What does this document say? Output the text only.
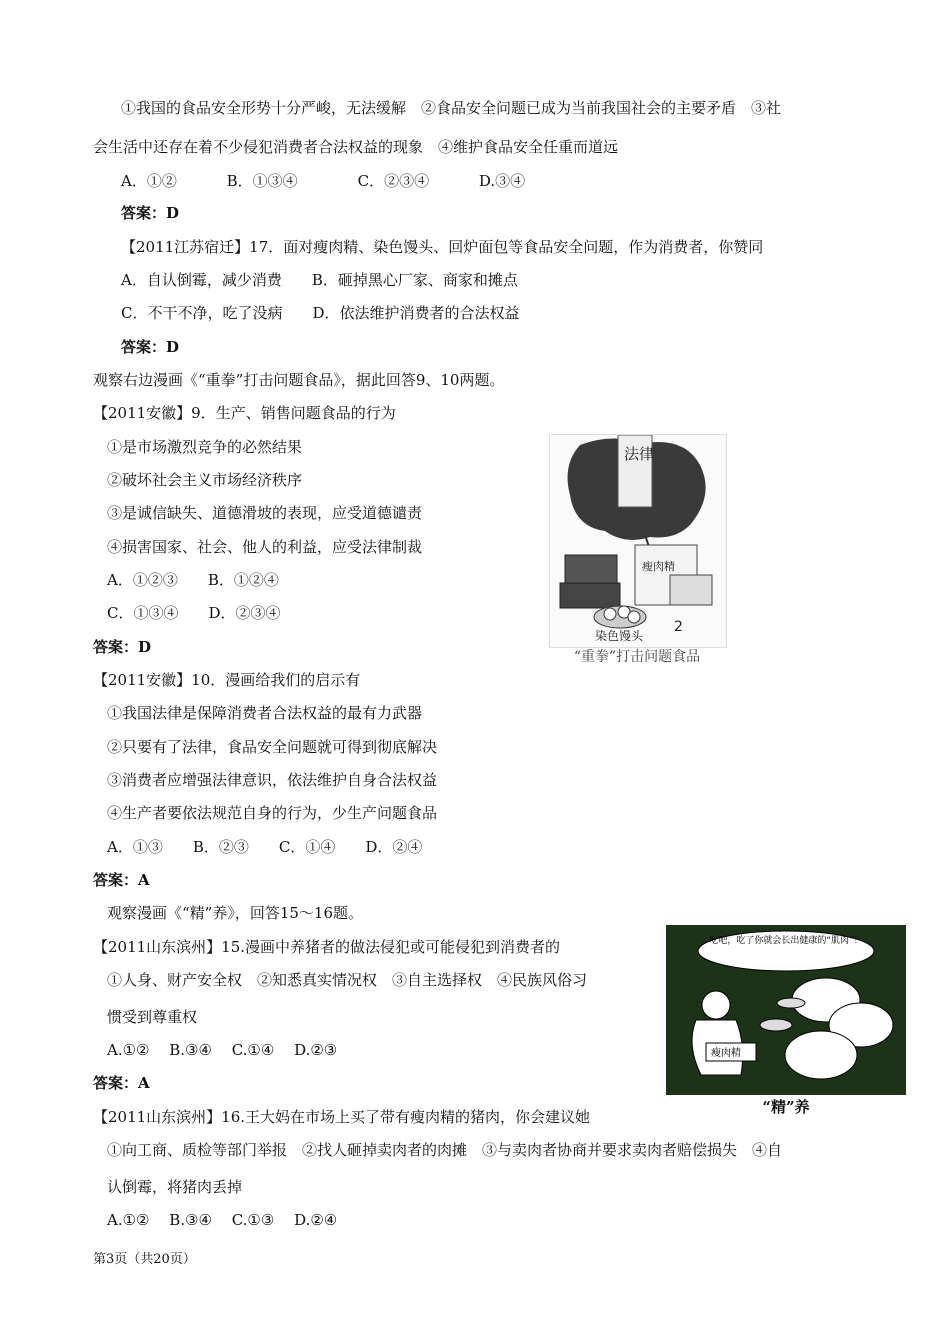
①我国的食品安全形势十分严峻，无法缓解　②食品安全问题已成为当前我国社会的主要矛盾　③社
会生活中还存在着不少侵犯消费者合法权益的现象　④维护食品安全任重而道远
A．①②　　　 B．①③④　　　　C．②③④　　　 D.③④
答案：D
【2011江苏宿迁】17．面对瘦肉精、染色馒头、回炉面包等食品安全问题，作为消费者，你赞同
A．自认倒霉，减少消费　　B．砸掉黑心厂家、商家和摊点
C．不干不净，吃了没病　　D．依法维护消费者的合法权益
答案：D
观察右边漫画《“重拳”打击问题食品》，据此回答9、10两题。
【2011安徽】9．生产、销售问题食品的行为
①是市场激烈竞争的必然结果
②破坏社会主义市场经济秩序
③是诚信缺失、道德滑坡的表现，应受道德谴责
④损害国家、社会、他人的利益，应受法律制裁
A．①②③　　B．①②④
C．①③④　　D．②③④
答案：D
【2011安徽】10．漫画给我们的启示有
①我国法律是保障消费者合法权益的最有力武器
②只要有了法律，食品安全问题就可得到彻底解决
③消费者应增强法律意识，依法维护自身合法权益
④生产者要依法规范自身的行为，少生产问题食品
A．①③　　B．②③　　C．①④　　D．②④
答案：A
观察漫画《“精”养》，回答15～16题。
【2011山东滨州】15.漫画中养猪者的做法侵犯或可能侵犯到消费者的
①人身、财产安全权　②知悉真实情况权　③自主选择权　④民族风俗习
惯受到尊重权
A.①②　 B.③④　 C.①④　 D.②③
答案：A
【2011山东滨州】16.王大妈在市场上买了带有瘦肉精的猪肉，你会建议她
①向工商、质检等部门举报　②找人砸掉卖肉者的肉摊　③与卖肉者协商并要求卖肉者赔偿损失　④自
认倒霉，将猪肉丢掉
A.①②　 B.③④　 C.①③　 D.②④
法律
瘦肉精
染色馒头
2
“重拳”打击问题食品
吃吧，吃了你就会长出健康的“肌肉”！
瘦肉精
“精”养
第3页（共20页）
